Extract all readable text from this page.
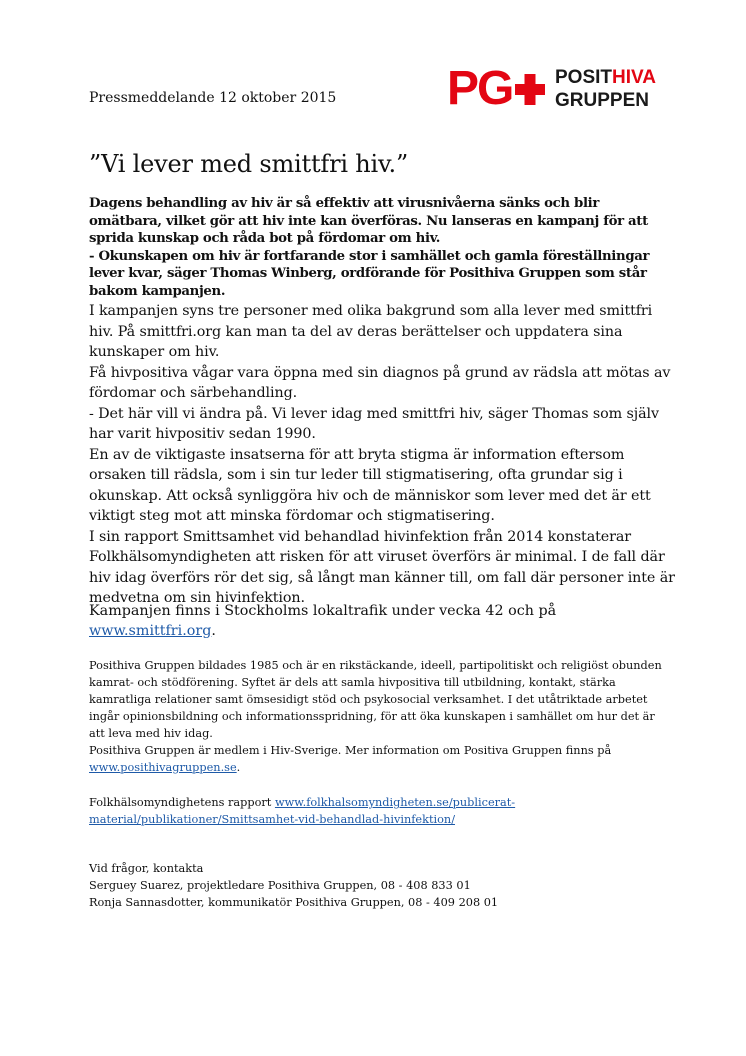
Pressmeddelande 12 oktober 2015 PG POSITHIVA
GRUPPEN
”Vi lever med smittfri hiv.”

Dagens behandling av hiv är så effektiv att virusnivåerna sänks och blir omätbara, vilket gör att hiv inte kan överföras. Nu lanseras en kampanj för att sprida kunskap och råda bot på fördomar om hiv.

- Okunskapen om hiv är fortfarande stor i samhället och gamla föreställningar lever kvar, säger Thomas Winberg, ordförande för Posithiva Gruppen som står bakom kampanjen.

I kampanjen syns tre personer med olika bakgrund som alla lever med smittfri hiv. På smittfri.org kan man ta del av deras berättelser och uppdatera sina kunskaper om hiv.

Få hivpositiva vågar vara öppna med sin diagnos på grund av rädsla att mötas av fördomar och särbehandling.

- Det här vill vi ändra på. Vi lever idag med smittfri hiv, säger Thomas som själv har varit hivpositiv sedan 1990.

En av de viktigaste insatserna för att bryta stigma är information eftersom orsaken till rädsla, som i sin tur leder till stigmatisering, ofta grundar sig i okunskap. Att också synliggöra hiv och de människor som lever med det är ett viktigt steg mot att minska fördomar och stigmatisering.

I sin rapport Smittsamhet vid behandlad hivinfektion från 2014 konstaterar Folkhälsomyndigheten att risken för att viruset överförs är minimal. I de fall där hiv idag överförs rör det sig, så långt man känner till, om fall där personer inte är medvetna om sin hivinfektion.

Kampanjen finns i Stockholms lokaltrafik under vecka 42 och på www.smittfri.org.

Posithiva Gruppen bildades 1985 och är en rikstäckande, ideell, partipolitiskt och religiöst obunden kamrat- och stödförening. Syftet är dels att samla hivpositiva till utbildning, kontakt, stärka kamratliga relationer samt ömsesidigt stöd och psykosocial verksamhet. I det utåtriktade arbetet ingår opinionsbildning och informationsspridning, för att öka kunskapen i samhället om hur det är att leva med hiv idag.

Posithiva Gruppen är medlem i Hiv-Sverige. Mer information om Positiva Gruppen finns på
www.posithivagruppen.se.

Folkhälsomyndighetens rapport www.folkhalsomyndigheten.se/publicerat-material/publikationer/Smittsamhet-vid-behandlad-hivinfektion/

Vid frågor, kontakta

Serguey Suarez, projektledare Posithiva Gruppen, 08 - 408 833 01

Ronja Sannasdotter, kommunikatör Posithiva Gruppen, 08 - 409 208 01
